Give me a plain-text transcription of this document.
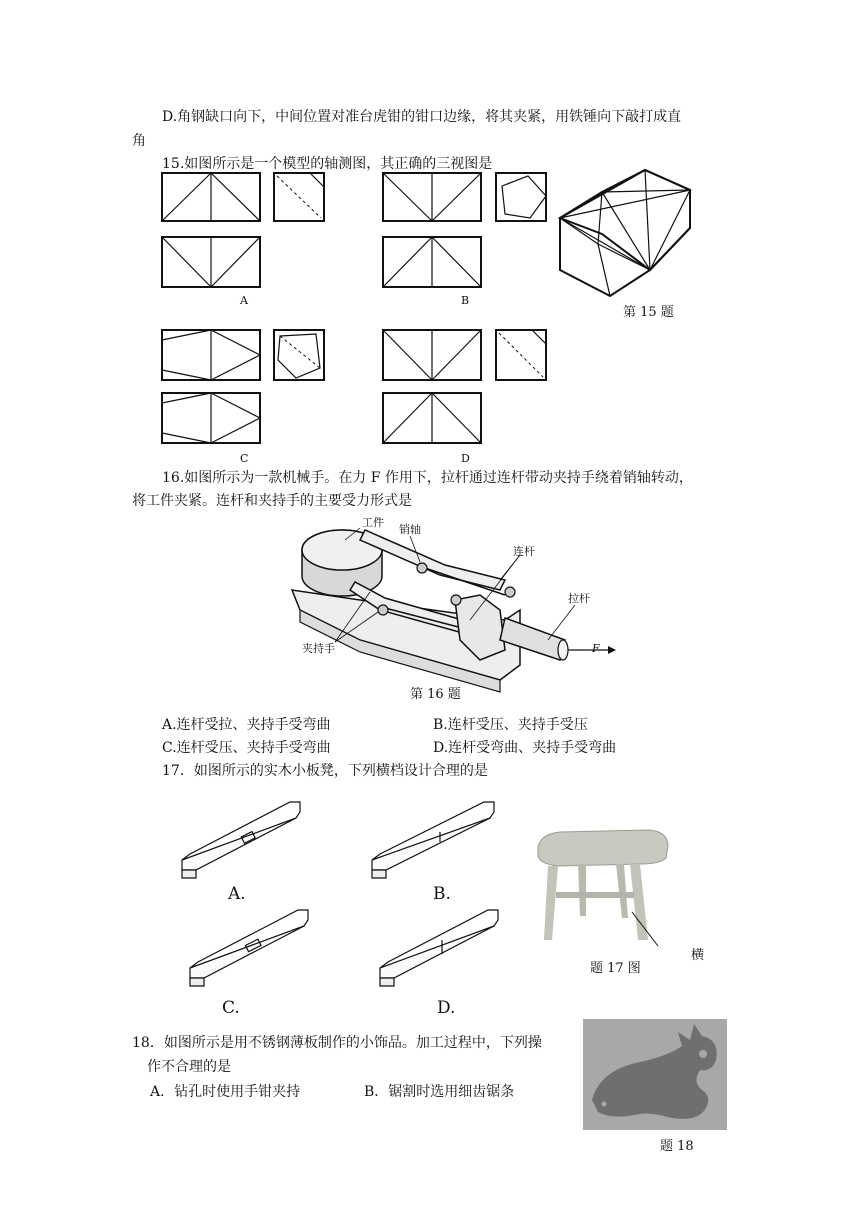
D.角钢缺口向下，中间位置对准台虎钳的钳口边缘，将其夹紧，用铁锤向下敲打成直
角
15.如图所示是一个模型的轴测图，其正确的三视图是
A	B
第 15 题
C	D
16.如图所示为一款机械手。在力 F 作用下，拉杆通过连杆带动夹持手绕着销轴转动，
将工件夹紧。连杆和夹持手的主要受力形式是
工件
销轴
连杆
拉杆
夹持手	F
第 16 题
A.连杆受拉、夹持手受弯曲	B.连杆受压、夹持手受压
C.连杆受压、夹持手受弯曲	D.连杆受弯曲、夹持手受弯曲
17．如图所示的实木小板凳，下列横档设计合理的是
A.	B.
C.	D.
题 17 图
横
18．如图所示是用不锈钢薄板制作的小饰品。加工过程中，下列操
作不合理的是
A．钻孔时使用手钳夹持	B．锯割时选用细齿锯条
题 18
